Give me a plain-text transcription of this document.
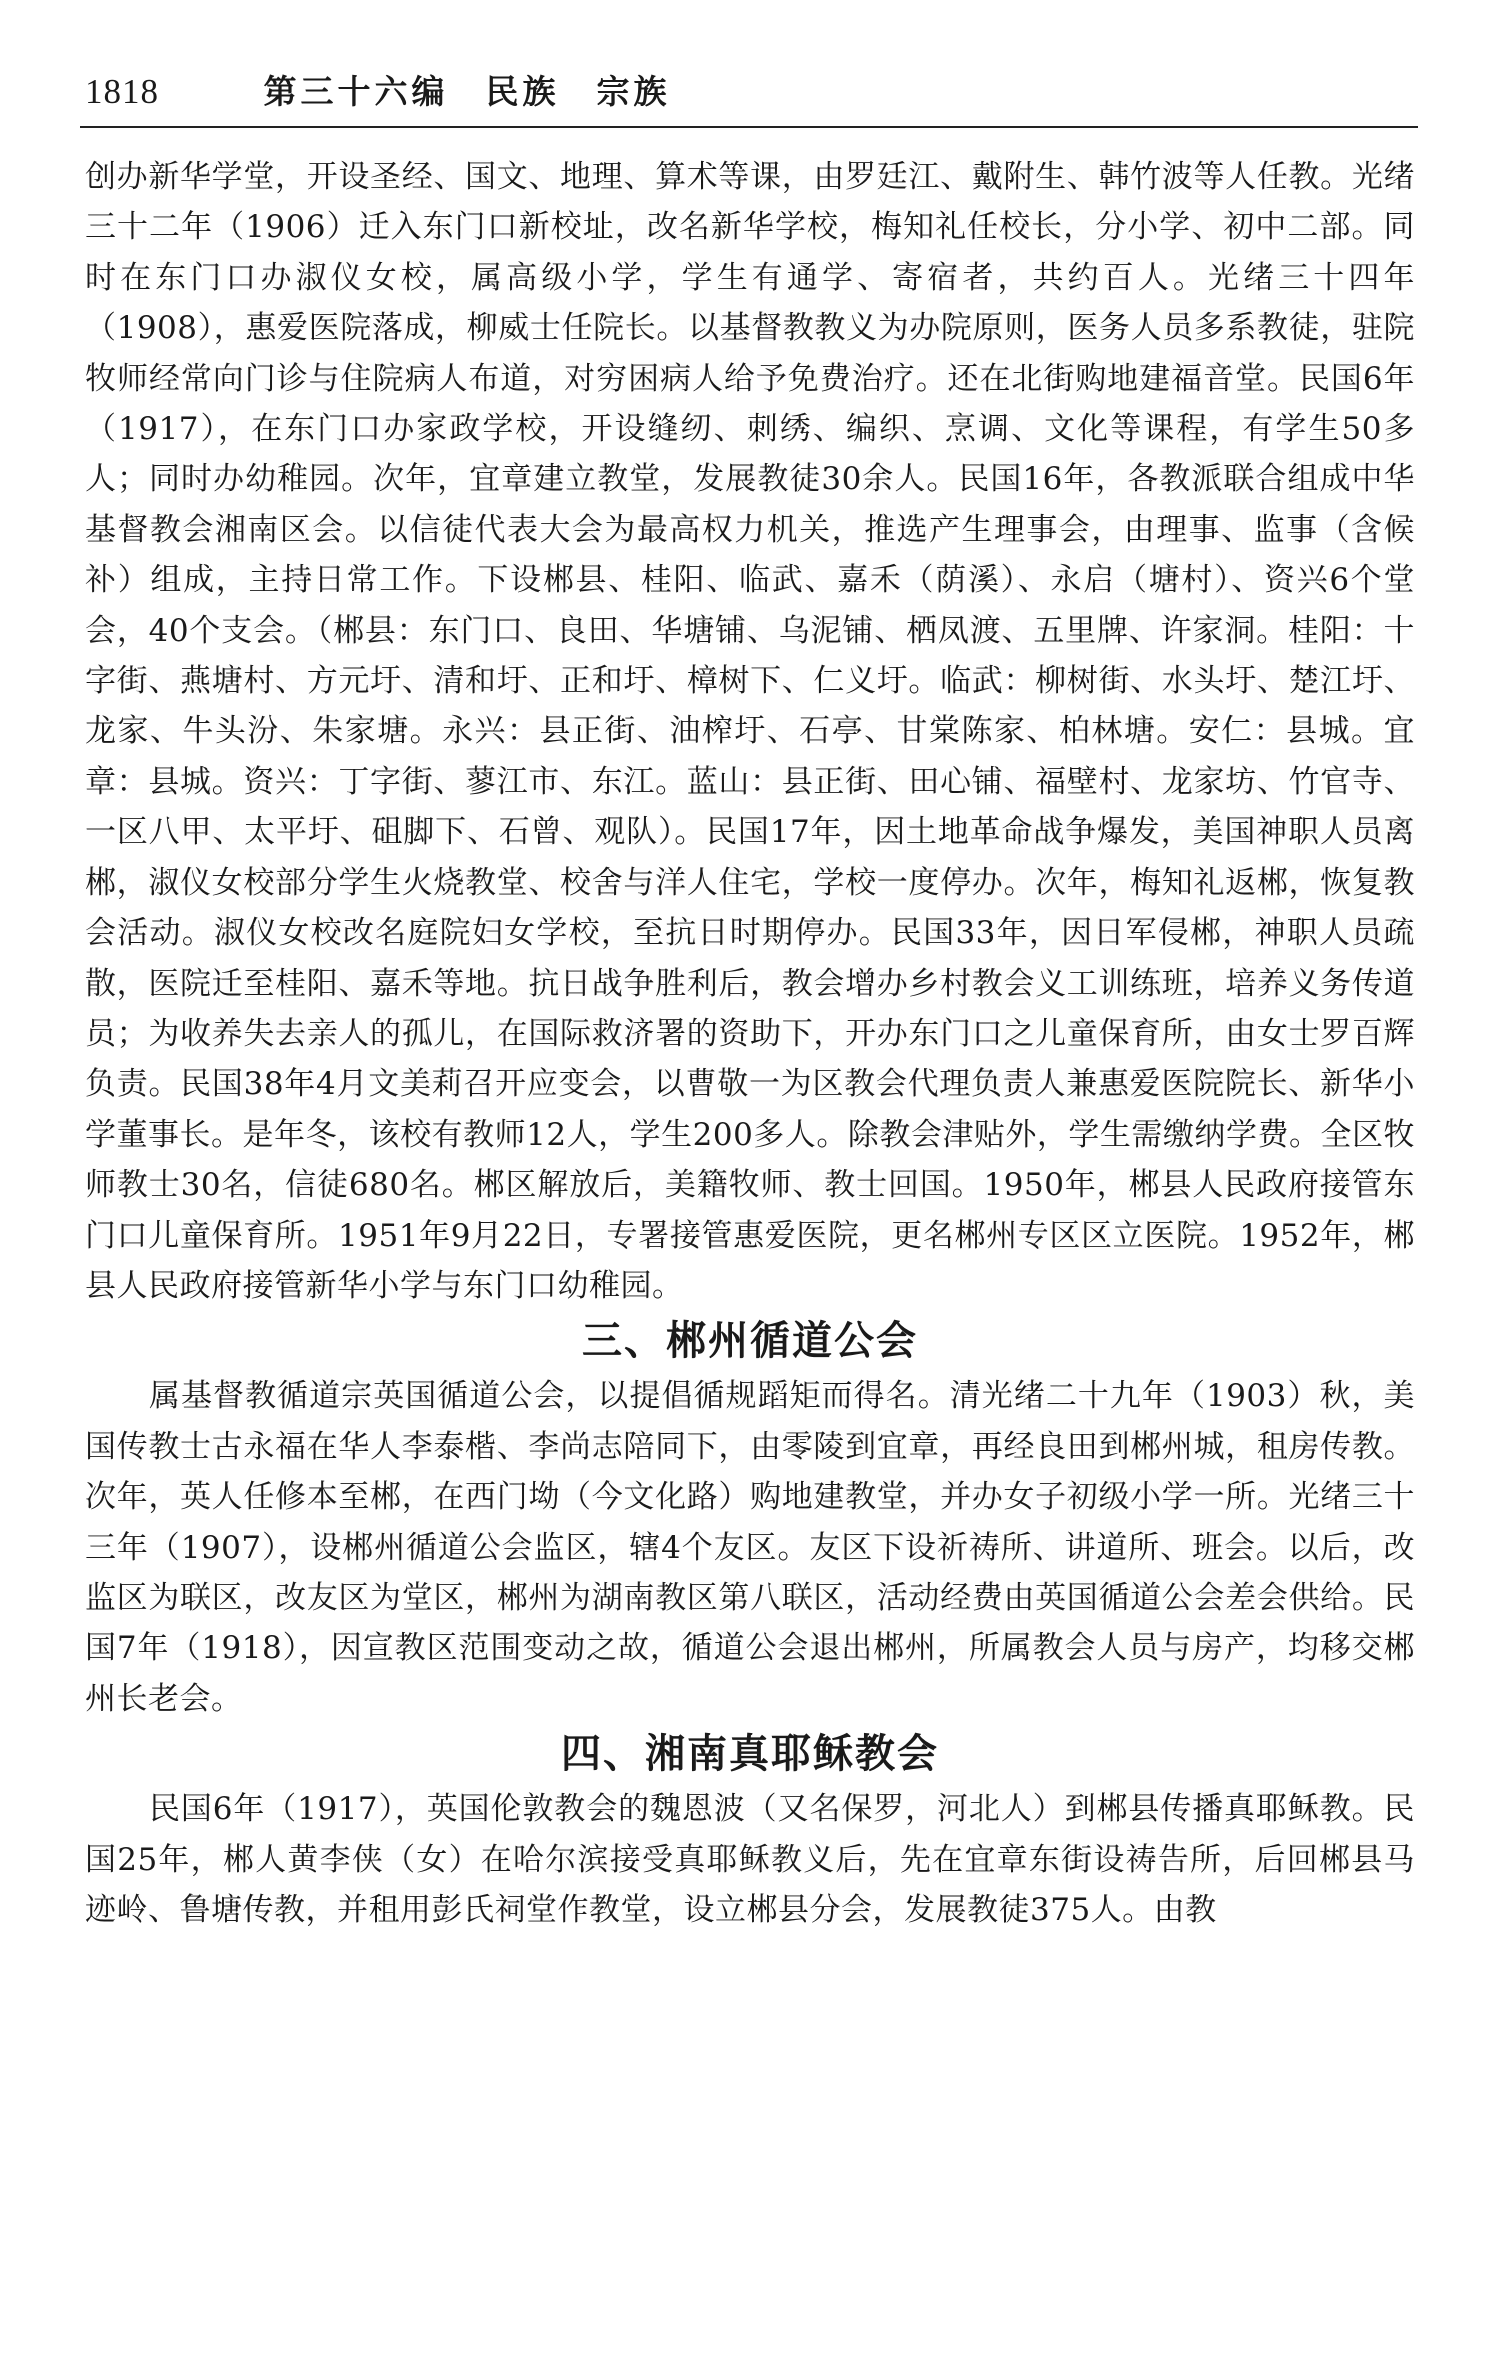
1818	第三十六编　民族　宗族

创办新华学堂，开设圣经、国文、地理、算术等课，由罗廷江、戴附生、韩竹波等人任教。光绪三十二年（1906）迁入东门口新校址，改名新华学校，梅知礼任校长，分小学、初中二部。同时在东门口办淑仪女校，属高级小学，学生有通学、寄宿者，共约百人。光绪三十四年（1908），惠爱医院落成，柳威士任院长。以基督教教义为办院原则，医务人员多系教徒，驻院牧师经常向门诊与住院病人布道，对穷困病人给予免费治疗。还在北街购地建福音堂。民国6年（1917），在东门口办家政学校，开设缝纫、刺绣、编织、烹调、文化等课程，有学生50多人；同时办幼稚园。次年，宜章建立教堂，发展教徒30余人。民国16年，各教派联合组成中华基督教会湘南区会。以信徒代表大会为最高权力机关，推选产生理事会，由理事、监事（含候补）组成，主持日常工作。下设郴县、桂阳、临武、嘉禾（荫溪）、永启（塘村）、资兴6个堂会，40个支会。（郴县：东门口、良田、华塘铺、乌泥铺、栖凤渡、五里牌、许家洞。桂阳：十字街、燕塘村、方元圩、清和圩、正和圩、樟树下、仁义圩。临武：柳树街、水头圩、楚江圩、龙家、牛头汾、朱家塘。永兴：县正街、油榨圩、石亭、甘棠陈家、柏林塘。安仁：县城。宜章：县城。资兴：丁字街、蓼江市、东江。蓝山：县正街、田心铺、福壁村、龙家坊、竹官寺、一区八甲、太平圩、砠脚下、石曾、观队）。民国17年，因土地革命战争爆发，美国神职人员离郴，淑仪女校部分学生火烧教堂、校舍与洋人住宅，学校一度停办。次年，梅知礼返郴，恢复教会活动。淑仪女校改名庭院妇女学校，至抗日时期停办。民国33年，因日军侵郴，神职人员疏散，医院迁至桂阳、嘉禾等地。抗日战争胜利后，教会增办乡村教会义工训练班，培养义务传道员；为收养失去亲人的孤儿，在国际救济署的资助下，开办东门口之儿童保育所，由女士罗百辉负责。民国38年4月文美莉召开应变会，以曹敬一为区教会代理负责人兼惠爱医院院长、新华小学董事长。是年冬，该校有教师12人，学生200多人。除教会津贴外，学生需缴纳学费。全区牧师教士30名，信徒680名。郴区解放后，美籍牧师、教士回国。1950年，郴县人民政府接管东门口儿童保育所。1951年9月22日，专署接管惠爱医院，更名郴州专区区立医院。1952年，郴县人民政府接管新华小学与东门口幼稚园。

三、郴州循道公会

属基督教循道宗英国循道公会，以提倡循规蹈矩而得名。清光绪二十九年（1903）秋，美国传教士古永福在华人李泰楷、李尚志陪同下，由零陵到宜章，再经良田到郴州城，租房传教。次年，英人任修本至郴，在西门坳（今文化路）购地建教堂，并办女子初级小学一所。光绪三十三年（1907），设郴州循道公会监区，辖4个友区。友区下设祈祷所、讲道所、班会。以后，改监区为联区，改友区为堂区，郴州为湖南教区第八联区，活动经费由英国循道公会差会供给。民国7年（1918），因宣教区范围变动之故，循道公会退出郴州，所属教会人员与房产，均移交郴州长老会。

四、湘南真耶稣教会

民国6年（1917），英国伦敦教会的魏恩波（又名保罗，河北人）到郴县传播真耶稣教。民国25年，郴人黄李侠（女）在哈尔滨接受真耶稣教义后，先在宜章东街设祷告所，后回郴县马迹岭、鲁塘传教，并租用彭氏祠堂作教堂，设立郴县分会，发展教徒375人。由教
